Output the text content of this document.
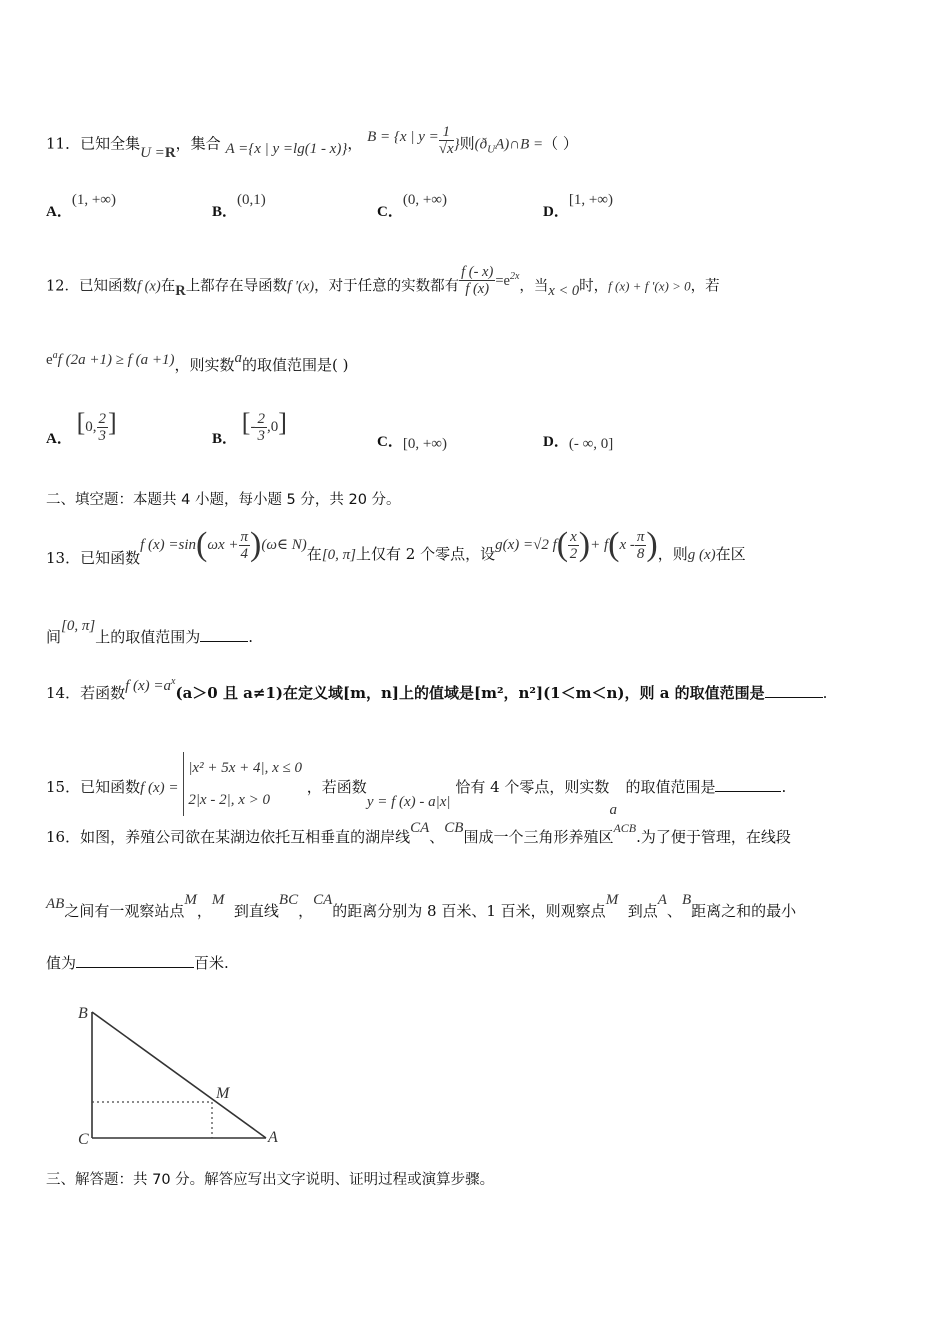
11．已知全集U =R，集合 A ={x | y =lg(1 - x)}， B = {x | $y = \frac{1}{√x}$ }则$(ð_UA)\cap B$ =（ ）
A．(1, +∞)
B．(0,1)
C．(0, +∞)
D．[1, +∞)
12．已知函数f (x)在R上都存在导函数f ′(x)，对于任意的实数都有 $\frac{f (- x)}{f (x)} =e^{2x}$，当x < 0时，f (x) + f ′(x) > 0，若
$e^af$ (2a +1) ≥ f (a +1)，则实数a的取值范围是( )
A． [0, $\frac{2}{3}$ ]
B． [- $\frac{2}{3} ,0$]
C．[0, +∞)	D．(- ∞, 0]
二、填空题：本题共 4 小题，每小题 5 分，共 20 分。
13．已知函数f $(x) =\sin(\omega x + \frac{\pi}{4}$ )(ω∈ N)在[0, π]上仅有 2 个零点，设g(x) =√2 $f( \frac{x}{2}$ )+ $f(x - \frac{\pi}{8}$ )，则g (x)在区
间[0, π]上的取值范围为	.
14．若函数f $(x) =a^x(a>0$ 且 a≠1)在定义域[m，n]上的值域是[m²，n²](1＜m＜n)，则 a 的取值范围是	.
15．已知函数f (x) =
|x² + 5x + 4|, x ≤ 0
2|x - 2|, x > 0
，若函数y = f (x) - a|x| 恰有 4 个零点，则实数a的取值范围是	.
16．如图，养殖公司欲在某湖边依托互相垂直的湖岸线CA、CB围成一个三角形养殖区$^{ACB}$.为了便于管理，在线段
AB之间有一观察站点M，M  到直线BC，CA的距离分别为 8 百米、1 百米，则观察点M  到点A、B距离之和的最小
值为	百米.
B
M
C	A
三、解答题：共 70 分。解答应写出文字说明、证明过程或演算步骤。
